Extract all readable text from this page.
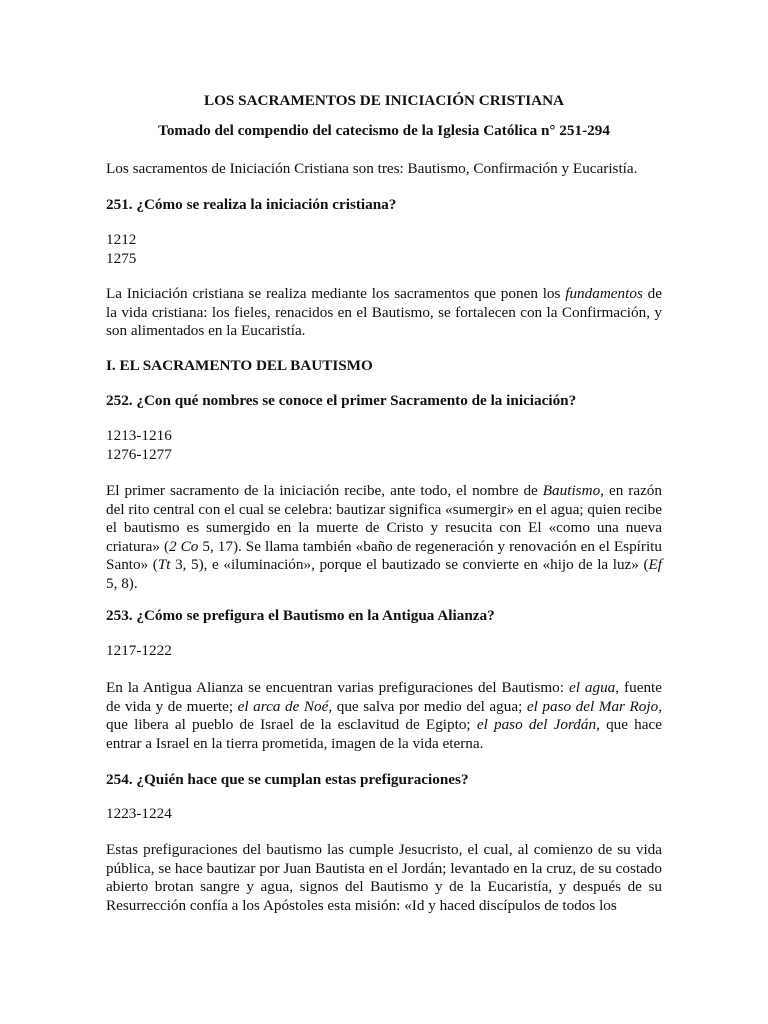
LOS SACRAMENTOS DE INICIACIÓN CRISTIANA

Tomado del compendio del catecismo de la Iglesia Católica n° 251-294

Los sacramentos de Iniciación Cristiana son tres: Bautismo, Confirmación y Eucaristía.

251. ¿Cómo se realiza la iniciación cristiana?

1212
1275

La Iniciación cristiana se realiza mediante los sacramentos que ponen los fundamentos de la vida cristiana: los fieles, renacidos en el Bautismo, se fortalecen con la Confirmación, y son alimentados en la Eucaristía.

I. EL SACRAMENTO DEL BAUTISMO

252. ¿Con qué nombres se conoce el primer Sacramento de la iniciación?

1213-1216
1276-1277

El primer sacramento de la iniciación recibe, ante todo, el nombre de Bautismo, en razón del rito central con el cual se celebra: bautizar significa «sumergir» en el agua; quien recibe el bautismo es sumergido en la muerte de Cristo y resucita con El «como una nueva criatura» (2 Co 5, 17). Se llama también «baño de regeneración y renovación en el Espíritu Santo» (Tt 3, 5), e «iluminación», porque el bautizado se convierte en «hijo de la luz» (Ef 5, 8).

253. ¿Cómo se prefigura el Bautismo en la Antigua Alianza?

1217-1222

En la Antigua Alianza se encuentran varias prefiguraciones del Bautismo: el agua, fuente de vida y de muerte; el arca de Noé, que salva por medio del agua; el paso del Mar Rojo, que libera al pueblo de Israel de la esclavitud de Egipto; el paso del Jordán, que hace entrar a Israel en la tierra prometida, imagen de la vida eterna.

254. ¿Quién hace que se cumplan estas prefiguraciones?

1223-1224

Estas prefiguraciones del bautismo las cumple Jesucristo, el cual, al comienzo de su vida pública, se hace bautizar por Juan Bautista en el Jordán; levantado en la cruz, de su costado abierto brotan sangre y agua, signos del Bautismo y de la Eucaristía, y después de su Resurrección confía a los Apóstoles esta misión: «Id y haced discípulos de todos los
